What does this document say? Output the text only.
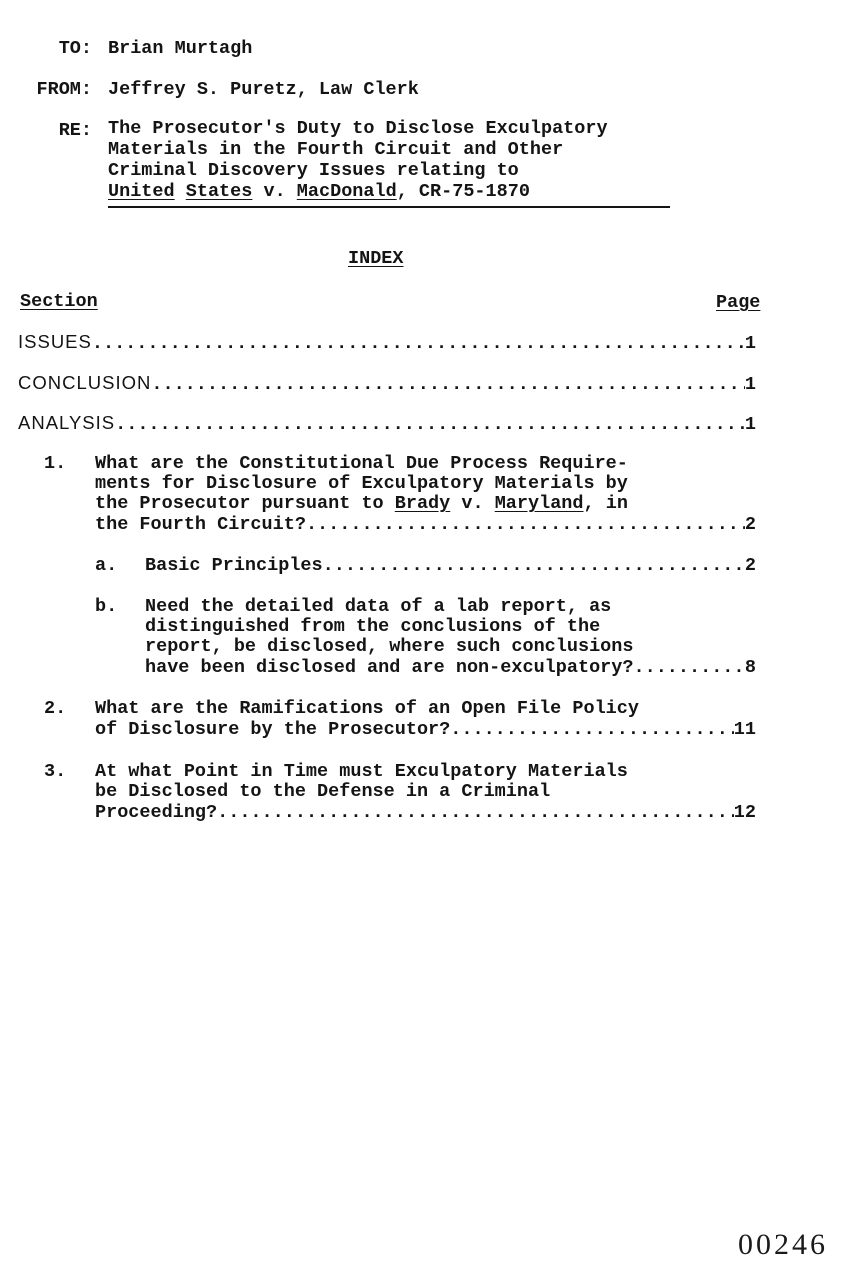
TO: Brian Murtagh
FROM: Jeffrey S. Puretz, Law Clerk
RE: The Prosecutor's Duty to Disclose Exculpatory
Materials in the Fourth Circuit and Other
Criminal Discovery Issues relating to
United States v. MacDonald, CR-75-1870
INDEX
Section	Page
ISSUES .....	1
CONCLUSION .....	1
ANALYSIS .....	1
1. What are the Constitutional Due Process Require-
ments for Disclosure of Exculpatory Materials by
the Prosecutor pursuant to Brady v. Maryland, in
the Fourth Circuit? .....	2
a. Basic Principles .....	2
b. Need the detailed data of a lab report, as
distinguished from the conclusions of the
report, be disclosed, where such conclusions
have been disclosed and are non-exculpatory? .....	8
2. What are the Ramifications of an Open File Policy
of Disclosure by the Prosecutor? .....	11
3. At what Point in Time must Exculpatory Materials
be Disclosed to the Defense in a Criminal
Proceeding? .....	12
00246
